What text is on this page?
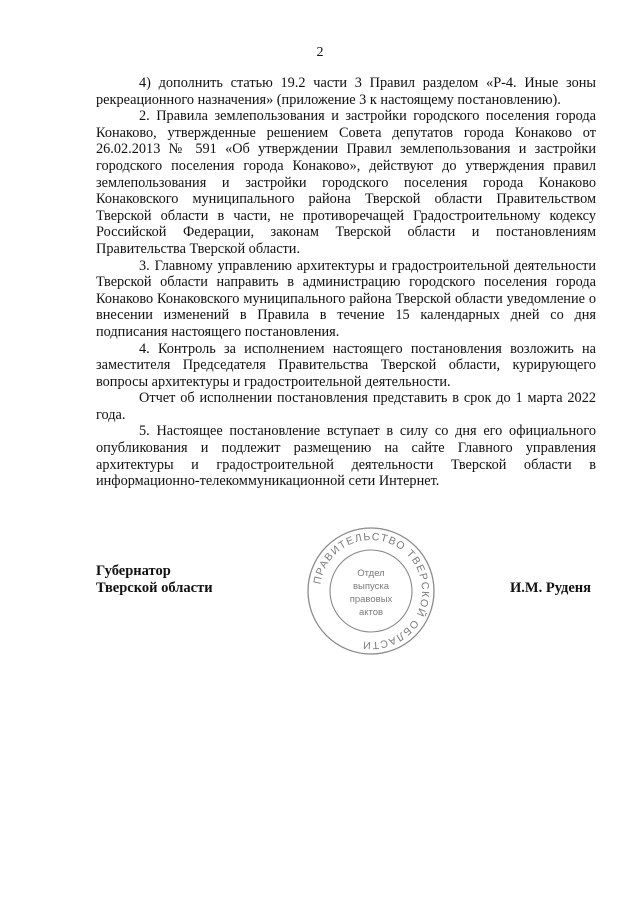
2

4) дополнить статью 19.2 части 3 Правил разделом «Р-4. Иные зоны рекреационного назначения» (приложение 3 к настоящему постановлению).

2. Правила землепользования и застройки городского поселения города Конаково, утвержденные решением Совета депутатов города Конаково от 26.02.2013 № 591 «Об утверждении Правил землепользования и застройки городского поселения города Конаково», действуют до утверждения правил землепользования и застройки городского поселения города Конаково Конаковского муниципального района Тверской области Правительством Тверской области в части, не противоречащей Градостроительному кодексу Российской Федерации, законам Тверской области и постановлениям Правительства Тверской области.

3. Главному управлению архитектуры и градостроительной деятельности Тверской области направить в администрацию городского поселения города Конаково Конаковского муниципального района Тверской области уведомление о внесении изменений в Правила в течение 15 календарных дней со дня подписания настоящего постановления.

4. Контроль за исполнением настоящего постановления возложить на заместителя Председателя Правительства Тверской области, курирующего вопросы архитектуры и градостроительной деятельности.

Отчет об исполнении постановления представить в срок до 1 марта 2022 года.

5. Настоящее постановление вступает в силу со дня его официального опубликования и подлежит размещению на сайте Главного управления архитектуры и градостроительной деятельности Тверской области в информационно-телекоммуникационной сети Интернет.

Губернатор
Тверской области	И.М. Руденя
ПРАВИТЕЛЬСТВО ТВЕРСКОЙ ОБЛАСТИ
Отдел
выпуска
правовых
актов
